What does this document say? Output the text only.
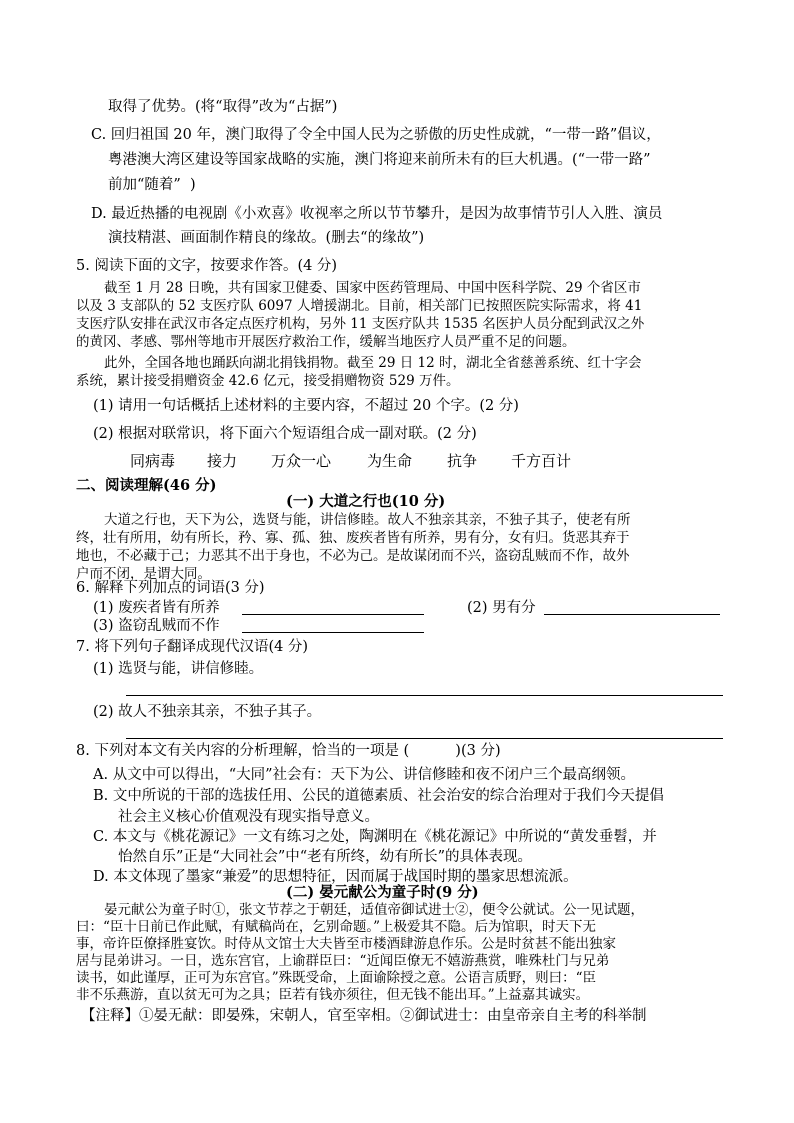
取得了优势。(将“取得”改为“占据”)
C. 回归祖国 20 年，澳门取得了令全中国人民为之骄傲的历史性成就，“一带一路”倡议，
粤港澳大湾区建设等国家战略的实施，澳门将迎来前所未有的巨大机遇。(“一带一路”
前加“随着”  )
D. 最近热播的电视剧《小欢喜》收视率之所以节节攀升，是因为故事情节引人入胜、演员
演技精湛、画面制作精良的缘故。(删去“的缘故”)
5. 阅读下面的文字，按要求作答。(4 分)
截至 1 月 28 日晚，共有国家卫健委、国家中医药管理局、中国中医科学院、29 个省区市
以及 3 支部队的 52 支医疗队 6097 人增援湖北。目前，相关部门已按照医院实际需求，将 41
支医疗队安排在武汉市各定点医疗机构，另外 11 支医疗队共 1535 名医护人员分配到武汉之外
的黄冈、孝感、鄂州等地市开展医疗救治工作，缓解当地医疗人员严重不足的问题。
此外，全国各地也踊跃向湖北捐钱捐物。截至 29 日 12 时，湖北全省慈善系统、红十字会
系统，累计接受捐赠资金 42.6 亿元，接受捐赠物资 529 万件。
(1) 请用一句话概括上述材料的主要内容，不超过 20 个字。(2 分)
(2) 根据对联常识，将下面六个短语组合成一副对联。(2 分)
同病毒 接力 万众一心 为生命 抗争 千方百计
二、阅读理解(46 分)
(一) 大道之行也(10 分)
大道之行也，天下为公，选贤与能，讲信修睦。故人不独亲其亲，不独子其子，使老有所
终，壮有所用，幼有所长，矜、寡、孤、独、废疾者皆有所养，男有分，女有归。货恶其弃于
地也，不必藏于己；力恶其不出于身也，不必为己。是故谋闭而不兴，盗窃乱贼而不作，故外
户而不闭，是谓大同。
6. 解释下列加点的词语(3 分)
(1) 废疾者皆有所养	(2) 男有分
(3) 盗窃乱贼而不作
7. 将下列句子翻译成现代汉语(4 分)
(1) 选贤与能，讲信修睦。
(2) 故人不独亲其亲，不独子其子。
8. 下列对本文有关内容的分析理解，恰当的一项是 (          )(3 分)
A. 从文中可以得出，“大同”社会有：天下为公、讲信修睦和夜不闭户三个最高纲领。
B. 文中所说的干部的选拔任用、公民的道德素质、社会治安的综合治理对于我们今天提倡
社会主义核心价值观没有现实指导意义。
C. 本文与《桃花源记》一文有练习之处，陶渊明在《桃花源记》中所说的“黄发垂髫，并
怡然自乐”正是“大同社会”中“老有所终，幼有所长”的具体表现。
D. 本文体现了墨家“兼爱”的思想特征，因而属于战国时期的墨家思想流派。
(二) 晏元献公为童子时(9 分)
晏元献公为童子时①，张文节荐之于朝廷，适值帝御试进士②，便令公就试。公一见试题，
曰：“臣十日前已作此赋，有赋稿尚在，乞别命题。”上极爱其不隐。后为馆职，时天下无
事，帝许臣僚择胜宴饮。时侍从文馆士大夫皆至市楼酒肆游息作乐。公是时贫甚不能出独家
居与昆弟讲习。一日，选东宫官，上谕群臣曰：“近闻臣僚无不嬉游燕赏，唯殊杜门与兄弟
读书，如此谨厚，正可为东宫官。”殊既受命，上面谕除授之意。公语言质野，则曰：“臣
非不乐燕游，直以贫无可为之具；臣若有钱亦须往，但无钱不能出耳。”上益嘉其诚实。
【注释】①晏无献：即晏殊，宋朝人，官至宰相。②御试进士：由皇帝亲自主考的科举制
